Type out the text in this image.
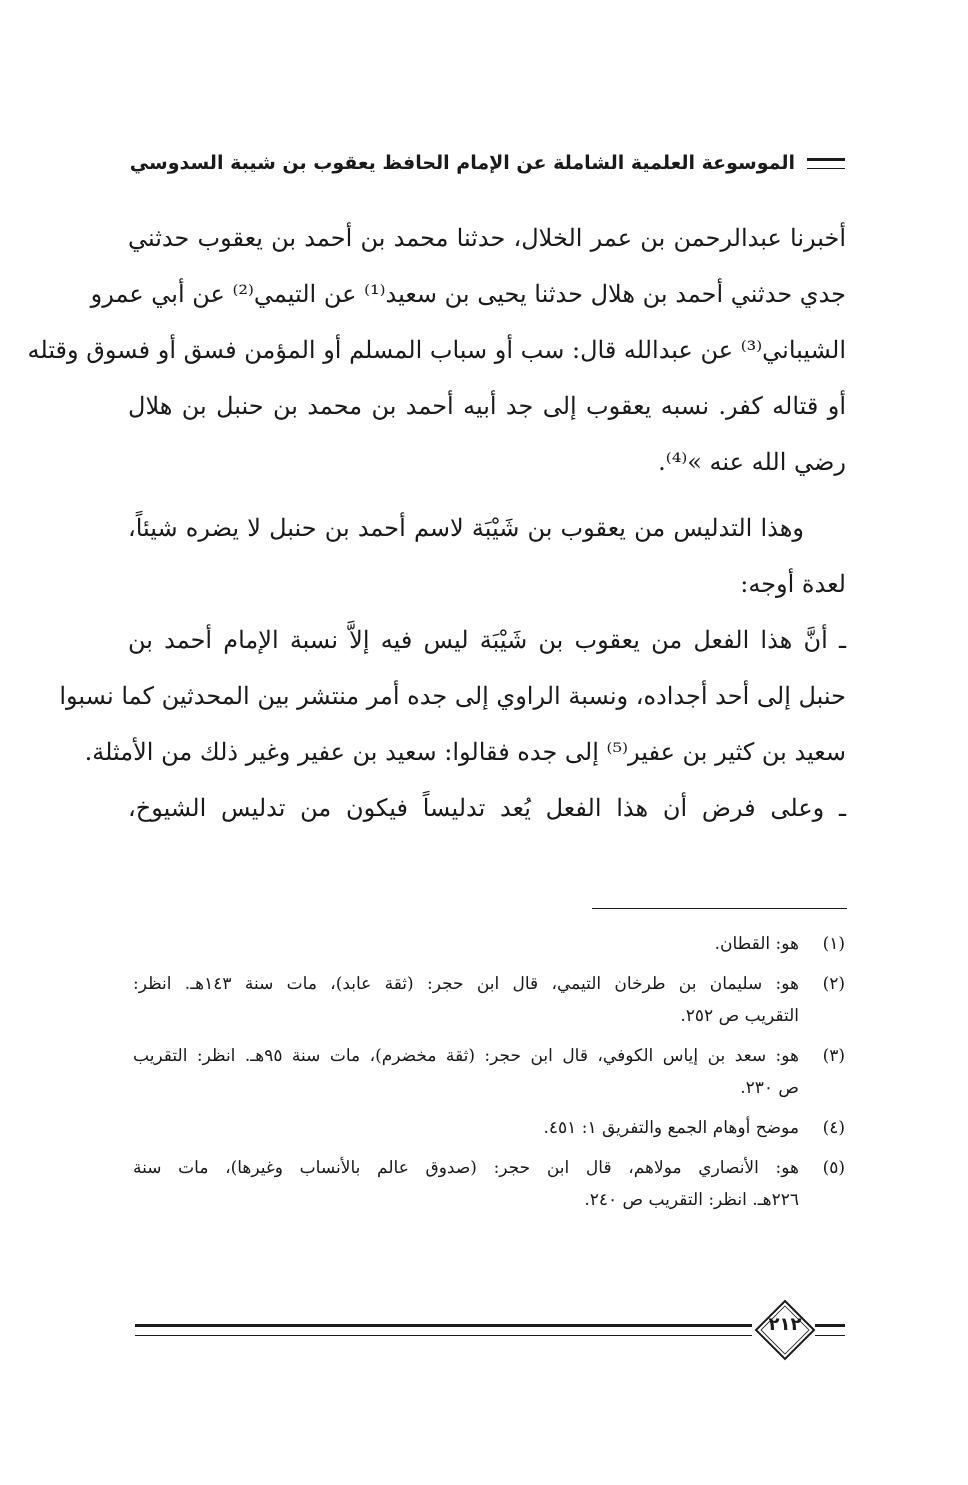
الموسوعة العلمية الشاملة عن الإمام الحافظ يعقوب بن شيبة السدوسي

أخبرنا عبدالرحمن بن عمر الخلال، حدثنا محمد بن أحمد بن يعقوب حدثني
جدي حدثني أحمد بن هلال حدثنا يحيى بن سعيد⁽¹⁾ عن التيمي⁽²⁾ عن أبي عمرو
الشيباني⁽³⁾ عن عبدالله قال: سب أو سباب المسلم أو المؤمن فسق أو فسوق وقتله
أو قتاله كفر. نسبه يعقوب إلى جد أبيه أحمد بن محمد بن حنبل بن هلال
رضي الله عنه »⁽⁴⁾.

وهذا التدليس من يعقوب بن شَيْبَة لاسم أحمد بن حنبل لا يضره شيئاً،
لعدة أوجه:

ـ أنَّ هذا الفعل من يعقوب بن شَيْبَة ليس فيه إلاَّ نسبة الإمام أحمد بن
حنبل إلى أحد أجداده، ونسبة الراوي إلى جده أمر منتشر بين المحدثين كما نسبوا
سعيد بن كثير بن عفير⁽⁵⁾ إلى جده فقالوا: سعيد بن عفير وغير ذلك من الأمثلة.

ـ وعلى فرض أن هذا الفعل يُعد تدليساً فيكون من تدليس الشيوخ،

(١)
هو: القطان.
(٢)
هو: سليمان بن طرخان التيمي، قال ابن حجر: (ثقة عابد)، مات سنة ١٤٣هـ. انظر:
التقريب ص ٢٥٢.
(٣)
هو: سعد بن إياس الكوفي، قال ابن حجر: (ثقة مخضرم)، مات سنة ٩٥هـ. انظر: التقريب
ص ٢٣٠.
(٤)
موضح أوهام الجمع والتفريق ١: ٤٥١.
(٥)
هو: الأنصاري مولاهم، قال ابن حجر: (صدوق عالم بالأنساب وغيرها)، مات سنة
٢٢٦هـ. انظر: التقريب ص ٢٤٠.
٢١٢
